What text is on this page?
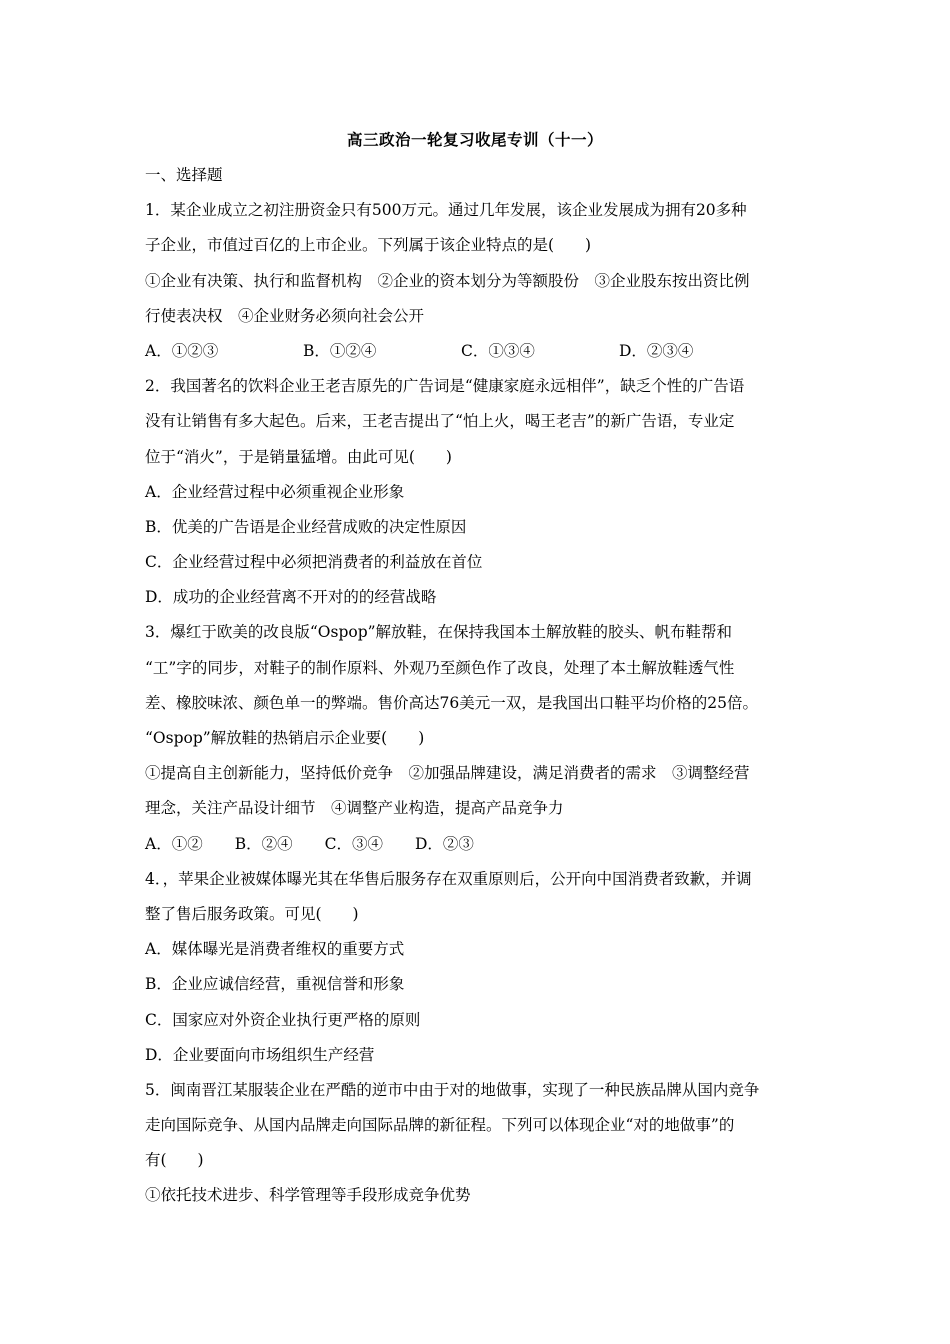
高三政治一轮复习收尾专训（十一）
一、选择题
1．某企业成立之初注册资金只有500万元。通过几年发展，该企业发展成为拥有20多种
子企业，市值过百亿的上市企业。下列属于该企业特点的是(　　)
①企业有决策、执行和监督机构　②企业的资本划分为等额股份　③企业股东按出资比例
行使表决权　④企业财务必须向社会公开
A．①②③	B．①②④	C．①③④	D．②③④
2．我国著名的饮料企业王老吉原先的广告词是“健康家庭永远相伴”，缺乏个性的广告语
没有让销售有多大起色。后来，王老吉提出了“怕上火，喝王老吉”的新广告语，专业定
位于“消火”，于是销量猛增。由此可见(　　)
A．企业经营过程中必须重视企业形象
B．优美的广告语是企业经营成败的决定性原因
C．企业经营过程中必须把消费者的利益放在首位
D．成功的企业经营离不开对的的经营战略
3．爆红于欧美的改良版“Ospop”解放鞋，在保持我国本土解放鞋的胶头、帆布鞋帮和
“工”字的同步，对鞋子的制作原料、外观乃至颜色作了改良，处理了本土解放鞋透气性
差、橡胶味浓、颜色单一的弊端。售价高达76美元一双，是我国出口鞋平均价格的25倍。
“Ospop”解放鞋的热销启示企业要(　　)
①提高自主创新能力，坚持低价竞争　②加强品牌建设，满足消费者的需求　③调整经营
理念，关注产品设计细节　④调整产业构造，提高产品竞争力
A．①② B．②④ C．③④ D．②③
4．，苹果企业被媒体曝光其在华售后服务存在双重原则后，公开向中国消费者致歉，并调
整了售后服务政策。可见(　　)
A．媒体曝光是消费者维权的重要方式
B．企业应诚信经营，重视信誉和形象
C．国家应对外资企业执行更严格的原则
D．企业要面向市场组织生产经营
5．闽南晋江某服装企业在严酷的逆市中由于对的地做事，实现了一种民族品牌从国内竞争
走向国际竞争、从国内品牌走向国际品牌的新征程。下列可以体现企业“对的地做事”的
有(　　)
①依托技术进步、科学管理等手段形成竞争优势
